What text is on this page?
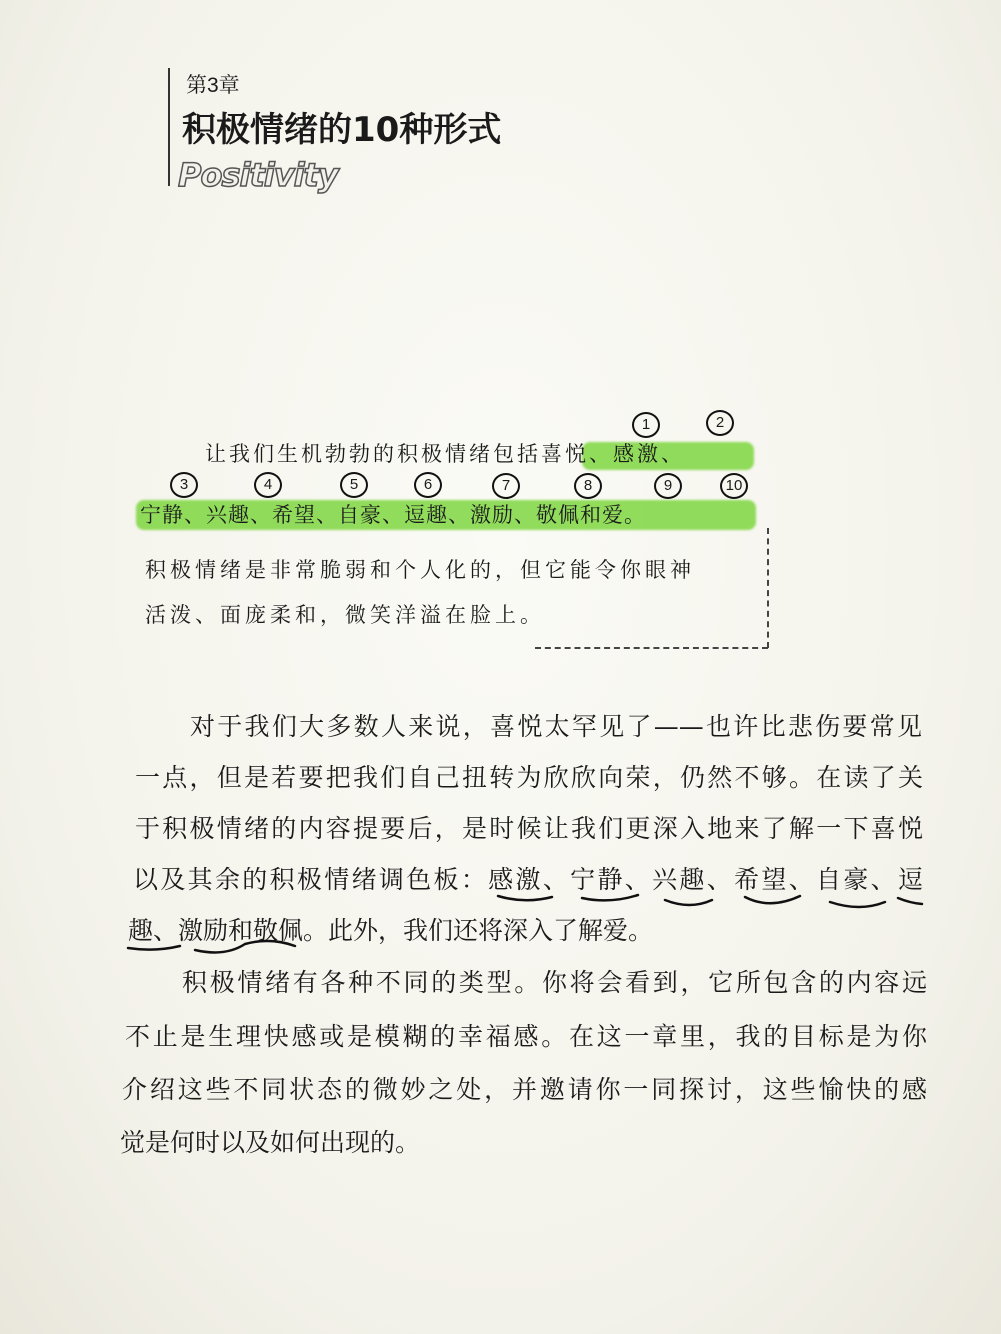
第3章
积极情绪的10种形式
Positivity
让我们生机勃勃的积极情绪包括喜悦、感激、
宁静、兴趣、希望、自豪、逗趣、激励、敬佩和爱。
积极情绪是非常脆弱和个人化的，但它能令你眼神
活泼、面庞柔和，微笑洋溢在脸上。
1	2
3	4	5	6	7	8	9	10
对于我们大多数人来说，喜悦太罕见了——也许比悲伤要常见
一点，但是若要把我们自己扭转为欣欣向荣，仍然不够。在读了关
于积极情绪的内容提要后，是时候让我们更深入地来了解一下喜悦
以及其余的积极情绪调色板：感激、宁静、兴趣、希望、自豪、逗
趣、激励和敬佩。此外，我们还将深入了解爱。
积极情绪有各种不同的类型。你将会看到，它所包含的内容远
不止是生理快感或是模糊的幸福感。在这一章里，我的目标是为你
介绍这些不同状态的微妙之处，并邀请你一同探讨，这些愉快的感
觉是何时以及如何出现的。
